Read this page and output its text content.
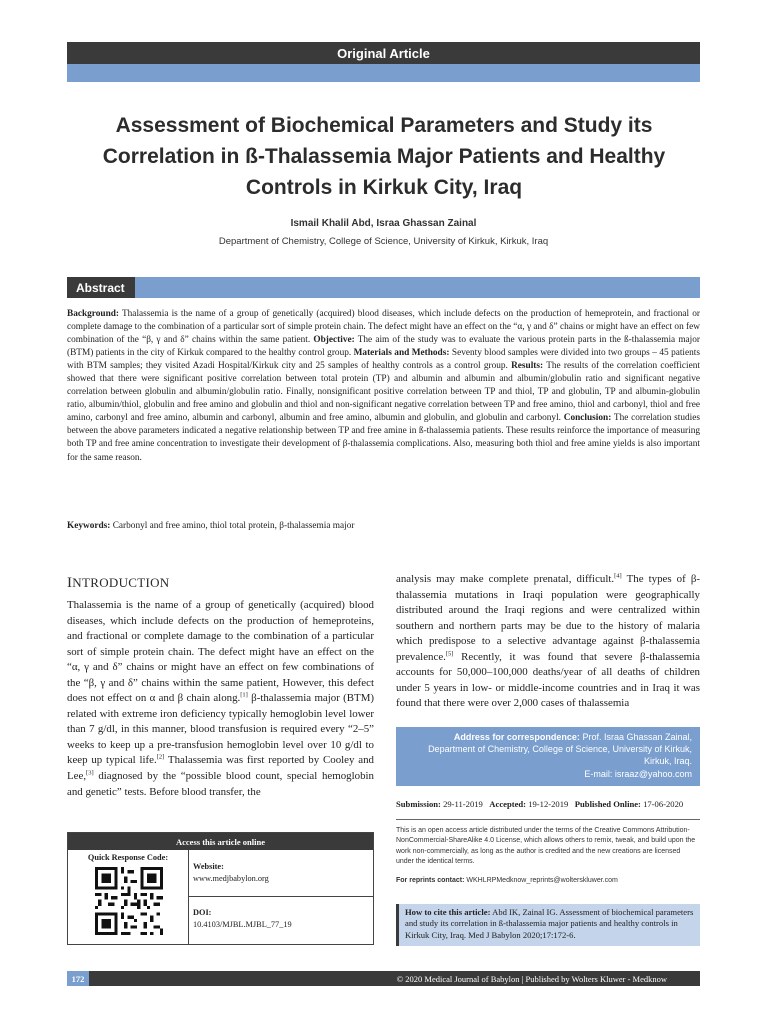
Original Article
Assessment of Biochemical Parameters and Study its Correlation in ß-Thalassemia Major Patients and Healthy Controls in Kirkuk City, Iraq
Ismail Khalil Abd, Israa Ghassan Zainal
Department of Chemistry, College of Science, University of Kirkuk, Kirkuk, Iraq
Abstract
Background: Thalassemia is the name of a group of genetically (acquired) blood diseases, which include defects on the production of hemeprotein, and fractional or complete damage to the combination of a particular sort of simple protein chain. The defect might have an effect on the “α, γ and δ” chains or might have an effect on few combination of the “β, γ and δ” chains within the same patient. Objective: The aim of the study was to evaluate the various protein parts in the ß-thalassemia major (BTM) patients in the city of Kirkuk compared to the healthy control group. Materials and Methods: Seventy blood samples were divided into two groups – 45 patients with BTM samples; they visited Azadi Hospital/Kirkuk city and 25 samples of healthy controls as a control group. Results: The results of the correlation coefficient showed that there were significant positive correlation between total protein (TP) and albumin and albumin and albumin/globulin ratio and significant negative correlation between globulin and albumin/globulin ratio. Finally, nonsignificant positive correlation between TP and thiol, TP and globulin, TP and albumin-globulin ratio, albumin/thiol, globulin and free amino and globulin and thiol and non-significant negative correlation between TP and free amino, thiol and carbonyl, thiol and free amino, carbonyl and free amino, albumin and carbonyl, albumin and free amino, albumin and globulin, and globulin and carbonyl. Conclusion: The correlation studies between the above parameters indicated a negative relationship between TP and free amine in ß-thalassemia patients. These results reinforce the importance of measuring both TP and free amine concentration to investigate their development of β-thalassemia complications. Also, measuring both thiol and free amine yields is also important for the same reason.
Keywords: Carbonyl and free amino, thiol total protein, β-thalassemia major
INTRODUCTION
Thalassemia is the name of a group of genetically (acquired) blood diseases, which include defects on the production of hemeproteins, and fractional or complete damage to the combination of a particular sort of simple protein chain. The defect might have an effect on the “α, γ and δ” chains or might have an effect on few combinations of the “β, γ and δ” chains within the same patient, However, this defect does not effect on α and β chain along.[1] β-thalassemia major (BTM) related with extreme iron deficiency typically hemoglobin level lower than 7 g/dl, in this manner, blood transfusion is required every “2–5” weeks to keep up a pre-transfusion hemoglobin level over 10 g/dl to keep up typical life.[2] Thalassemia was first reported by Cooley and Lee,[3] diagnosed by the “possible blood count, special hemoglobin and genetic” tests. Before blood transfer, the
analysis may make complete prenatal, difficult.[4] The types of β-thalassemia mutations in Iraqi population were geographically distributed around the Iraqi regions and were centralized within southern and northern parts may be due to the history of malaria which predispose to a selective advantage against β-thalassemia prevalence.[5] Recently, it was found that severe β-thalassemia accounts for 50,000–100,000 deaths/year of all deaths of children under 5 years in low- or middle-income countries and in Iraq it was found that there were over 2,000 cases of thalassemia
Address for correspondence: Prof. Israa Ghassan Zainal,
Department of Chemistry, College of Science, University of Kirkuk,
Kirkuk, Iraq.
E-mail: israaz@yahoo.com
Submission: 29-11-2019 Accepted: 19-12-2019 Published Online: 17-06-2020
This is an open access article distributed under the terms of the Creative Commons Attribution-NonCommercial-ShareAlike 4.0 License, which allows others to remix, tweak, and build upon the work non-commercially, as long as the author is credited and the new creations are licensed under the identical terms.
For reprints contact: WKHLRPMedknow_reprints@wolterskluwer.com
How to cite this article: Abd IK, Zainal IG. Assessment of biochemical parameters and study its correlation in ß-thalassemia major patients and healthy controls in Kirkuk City, Iraq. Med J Babylon 2020;17:172-6.
Access this article online
Quick Response Code:
Website:
www.medjbabylon.org
DOI:
10.4103/MJBL.MJBL_77_19
© 2020 Medical Journal of Babylon | Published by Wolters Kluwer - Medknow
172
